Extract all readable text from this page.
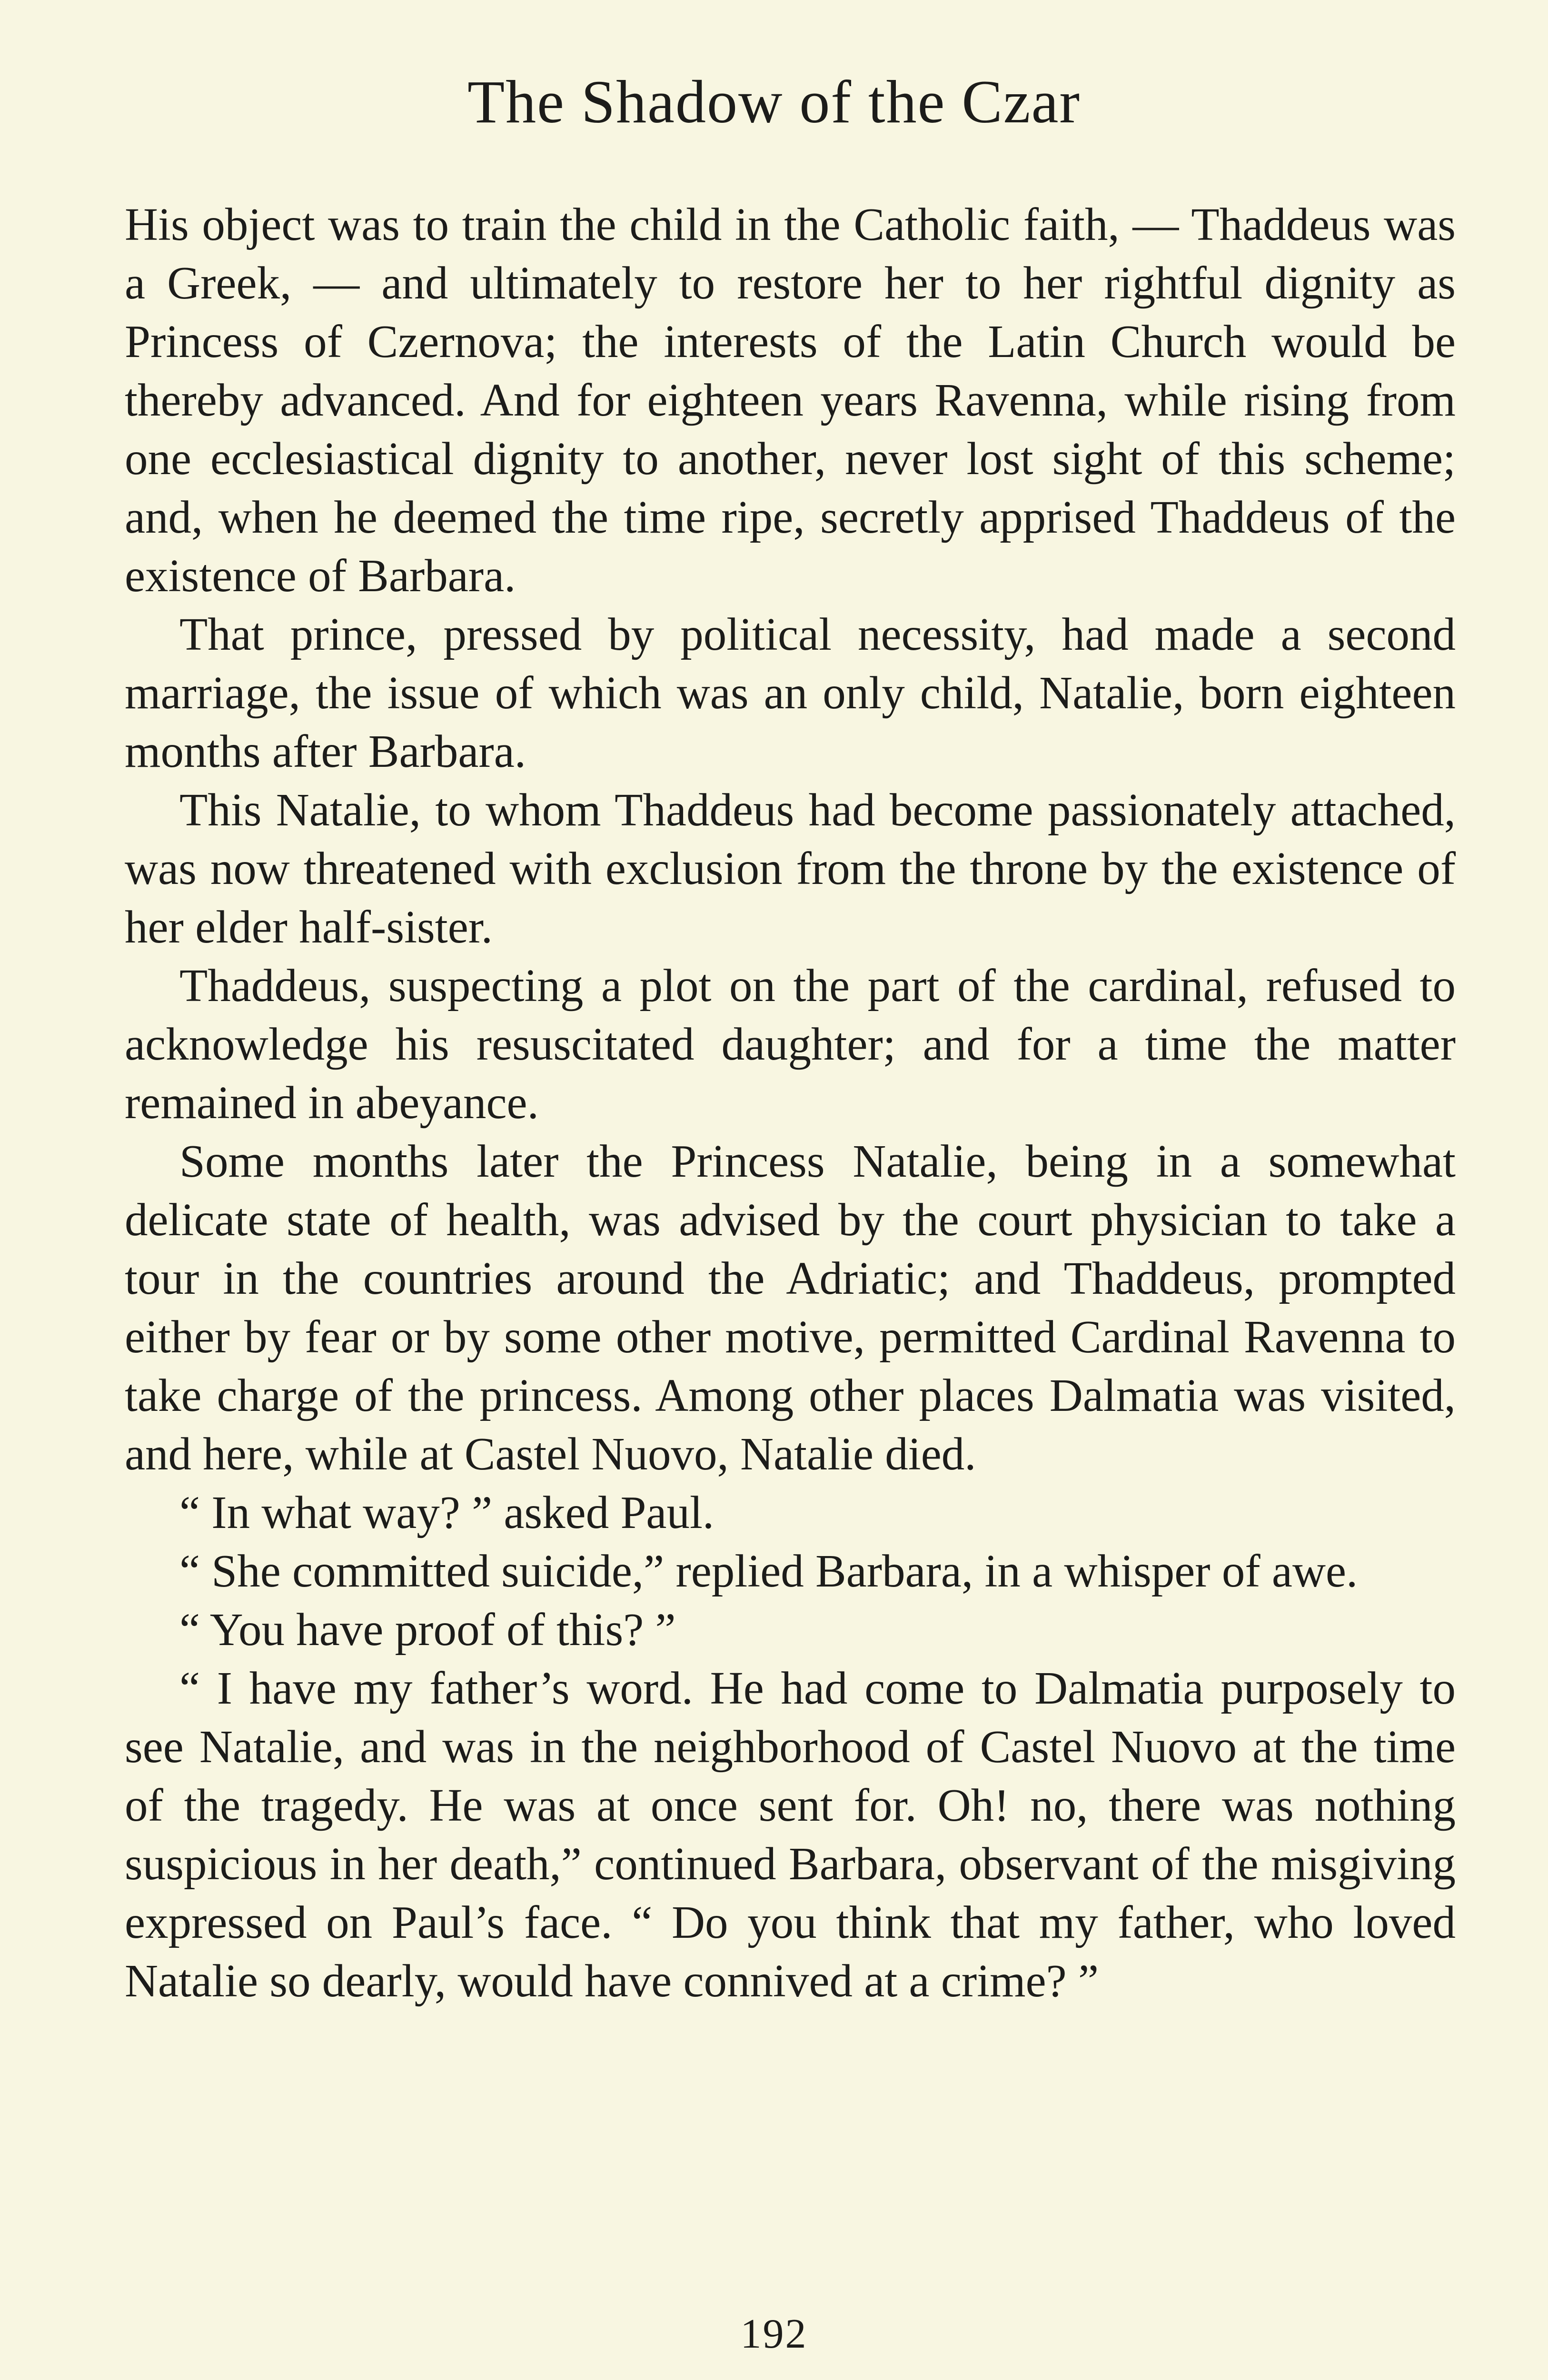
The Shadow of the Czar

His object was to train the child in the Catholic faith, — Thaddeus was a Greek, — and ultimately to restore her to her rightful dignity as Princess of Czernova; the interests of the Latin Church would be thereby advanced. And for eighteen years Ravenna, while rising from one ecclesiastical dignity to another, never lost sight of this scheme; and, when he deemed the time ripe, secretly apprised Thaddeus of the existence of Barbara.

That prince, pressed by political necessity, had made a second marriage, the issue of which was an only child, Natalie, born eighteen months after Barbara.

This Natalie, to whom Thaddeus had become passionately attached, was now threatened with exclusion from the throne by the existence of her elder half-sister.

Thaddeus, suspecting a plot on the part of the cardinal, refused to acknowledge his resuscitated daughter; and for a time the matter remained in abeyance.

Some months later the Princess Natalie, being in a somewhat delicate state of health, was advised by the court physician to take a tour in the countries around the Adriatic; and Thaddeus, prompted either by fear or by some other motive, permitted Cardinal Ravenna to take charge of the princess. Among other places Dalmatia was visited, and here, while at Castel Nuovo, Natalie died.

“ In what way? ” asked Paul.

“ She committed suicide,” replied Barbara, in a whisper of awe.

“ You have proof of this? ”

“ I have my father’s word. He had come to Dalmatia purposely to see Natalie, and was in the neighborhood of Castel Nuovo at the time of the tragedy. He was at once sent for. Oh! no, there was nothing suspicious in her death,” continued Barbara, observant of the misgiving expressed on Paul’s face. “ Do you think that my father, who loved Natalie so dearly, would have connived at a crime? ”

192
